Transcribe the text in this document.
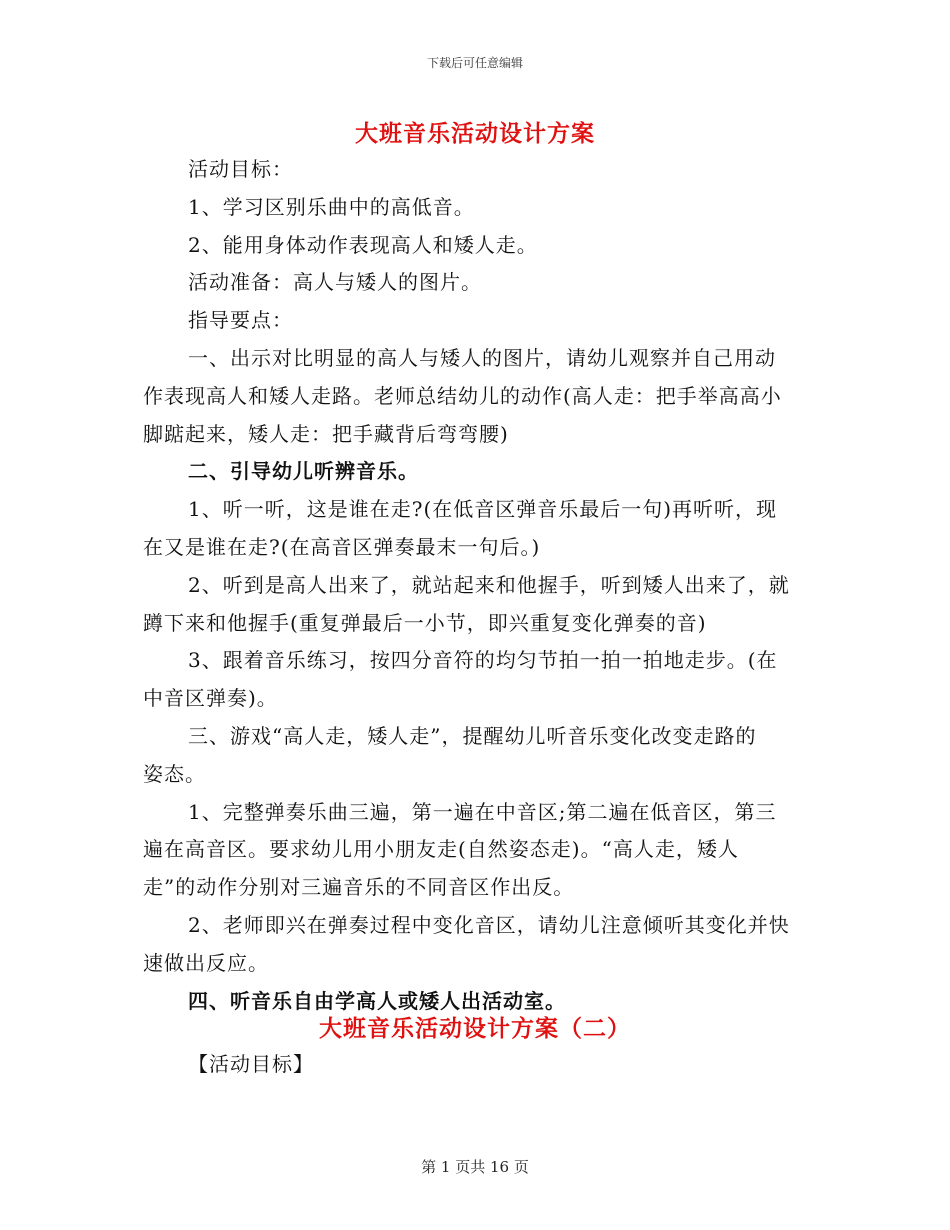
下载后可任意编辑
大班音乐活动设计方案
活动目标：
1、学习区别乐曲中的高低音。
2、能用身体动作表现高人和矮人走。
活动准备：高人与矮人的图片。
指导要点：
一、出示对比明显的高人与矮人的图片，请幼儿观察并自己用动
作表现高人和矮人走路。老师总结幼儿的动作(高人走：把手举高高小
脚踮起来，矮人走：把手藏背后弯弯腰)
二、引导幼儿听辨音乐。
1、听一听，这是谁在走?(在低音区弹音乐最后一句)再听听，现
在又是谁在走?(在高音区弹奏最末一句后。)
2、听到是高人出来了，就站起来和他握手，听到矮人出来了，就
蹲下来和他握手(重复弹最后一小节，即兴重复变化弹奏的音)
3、跟着音乐练习，按四分音符的均匀节拍一拍一拍地走步。(在
中音区弹奏)。
三、游戏“高人走，矮人走”，提醒幼儿听音乐变化改变走路的
姿态。
1、完整弹奏乐曲三遍，第一遍在中音区;第二遍在低音区，第三
遍在高音区。要求幼儿用小朋友走(自然姿态走)。“高人走，矮人
走”的动作分别对三遍音乐的不同音区作出反。
2、老师即兴在弹奏过程中变化音区，请幼儿注意倾听其变化并快
速做出反应。
四、听音乐自由学高人或矮人出活动室。
大班音乐活动设计方案（二）
【活动目标】
第 1 页共 16 页
